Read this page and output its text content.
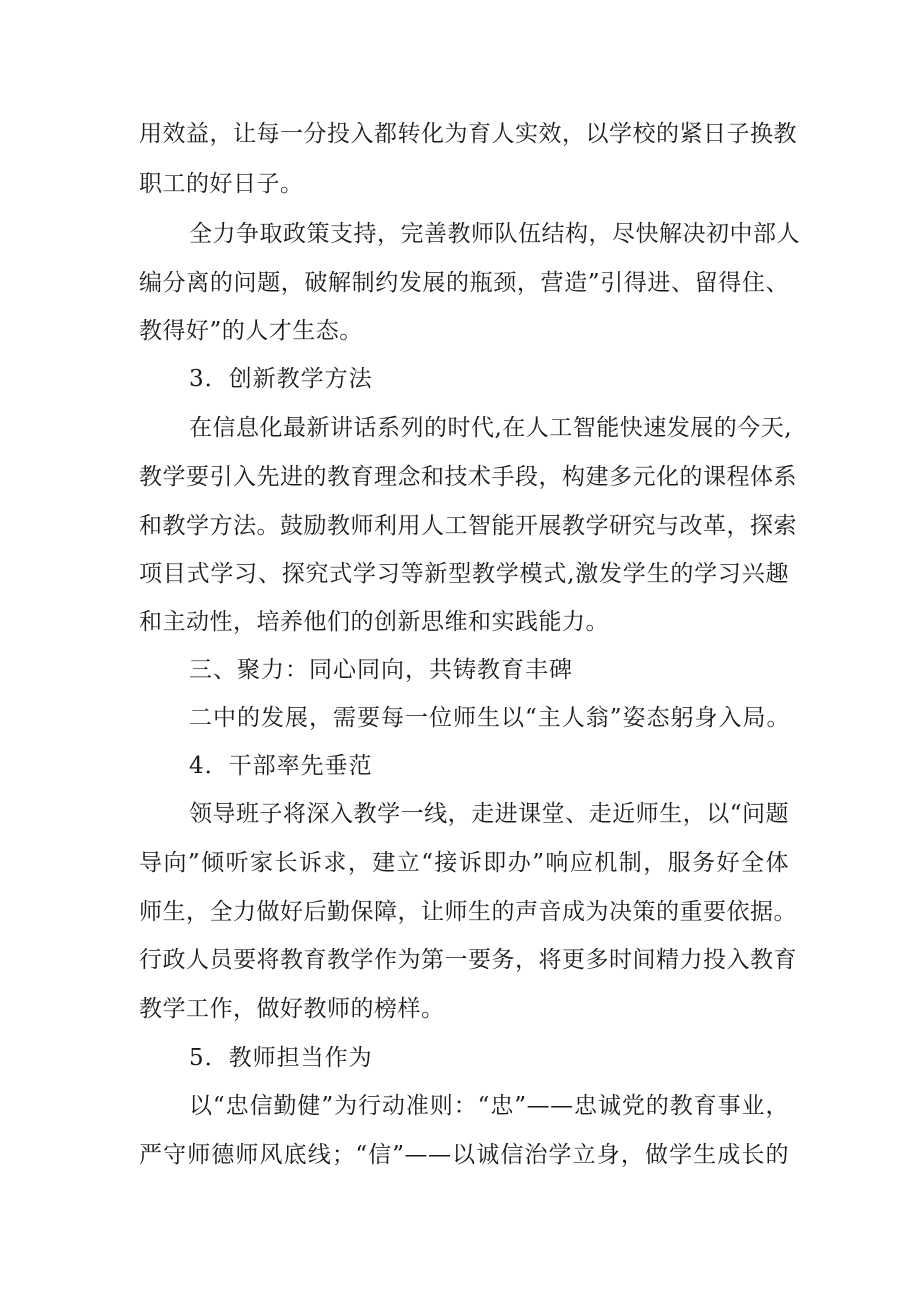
用效益，让每一分投入都转化为育人实效，以学校的紧日子换教
职工的好日子。
全力争取政策支持，完善教师队伍结构，尽快解决初中部人
编分离的问题，破解制约发展的瓶颈，营造”引得进、留得住、
教得好”的人才生态。
3．创新教学方法
在信息化最新讲话系列的时代,在人工智能快速发展的今天,
教学要引入先进的教育理念和技术手段，构建多元化的课程体系
和教学方法。鼓励教师利用人工智能开展教学研究与改革，探索
项目式学习、探究式学习等新型教学模式,激发学生的学习兴趣
和主动性，培养他们的创新思维和实践能力。
三、聚力：同心同向，共铸教育丰碑
二中的发展，需要每一位师生以“主人翁”姿态躬身入局。
4．干部率先垂范
领导班子将深入教学一线，走进课堂、走近师生，以“问题
导向”倾听家长诉求，建立“接诉即办”响应机制，服务好全体
师生，全力做好后勤保障，让师生的声音成为决策的重要依据。
行政人员要将教育教学作为第一要务，将更多时间精力投入教育
教学工作，做好教师的榜样。
5．教师担当作为
以“忠信勤健”为行动准则：“忠”——忠诚党的教育事业，
严守师德师风底线；“信”——以诚信治学立身，做学生成长的
